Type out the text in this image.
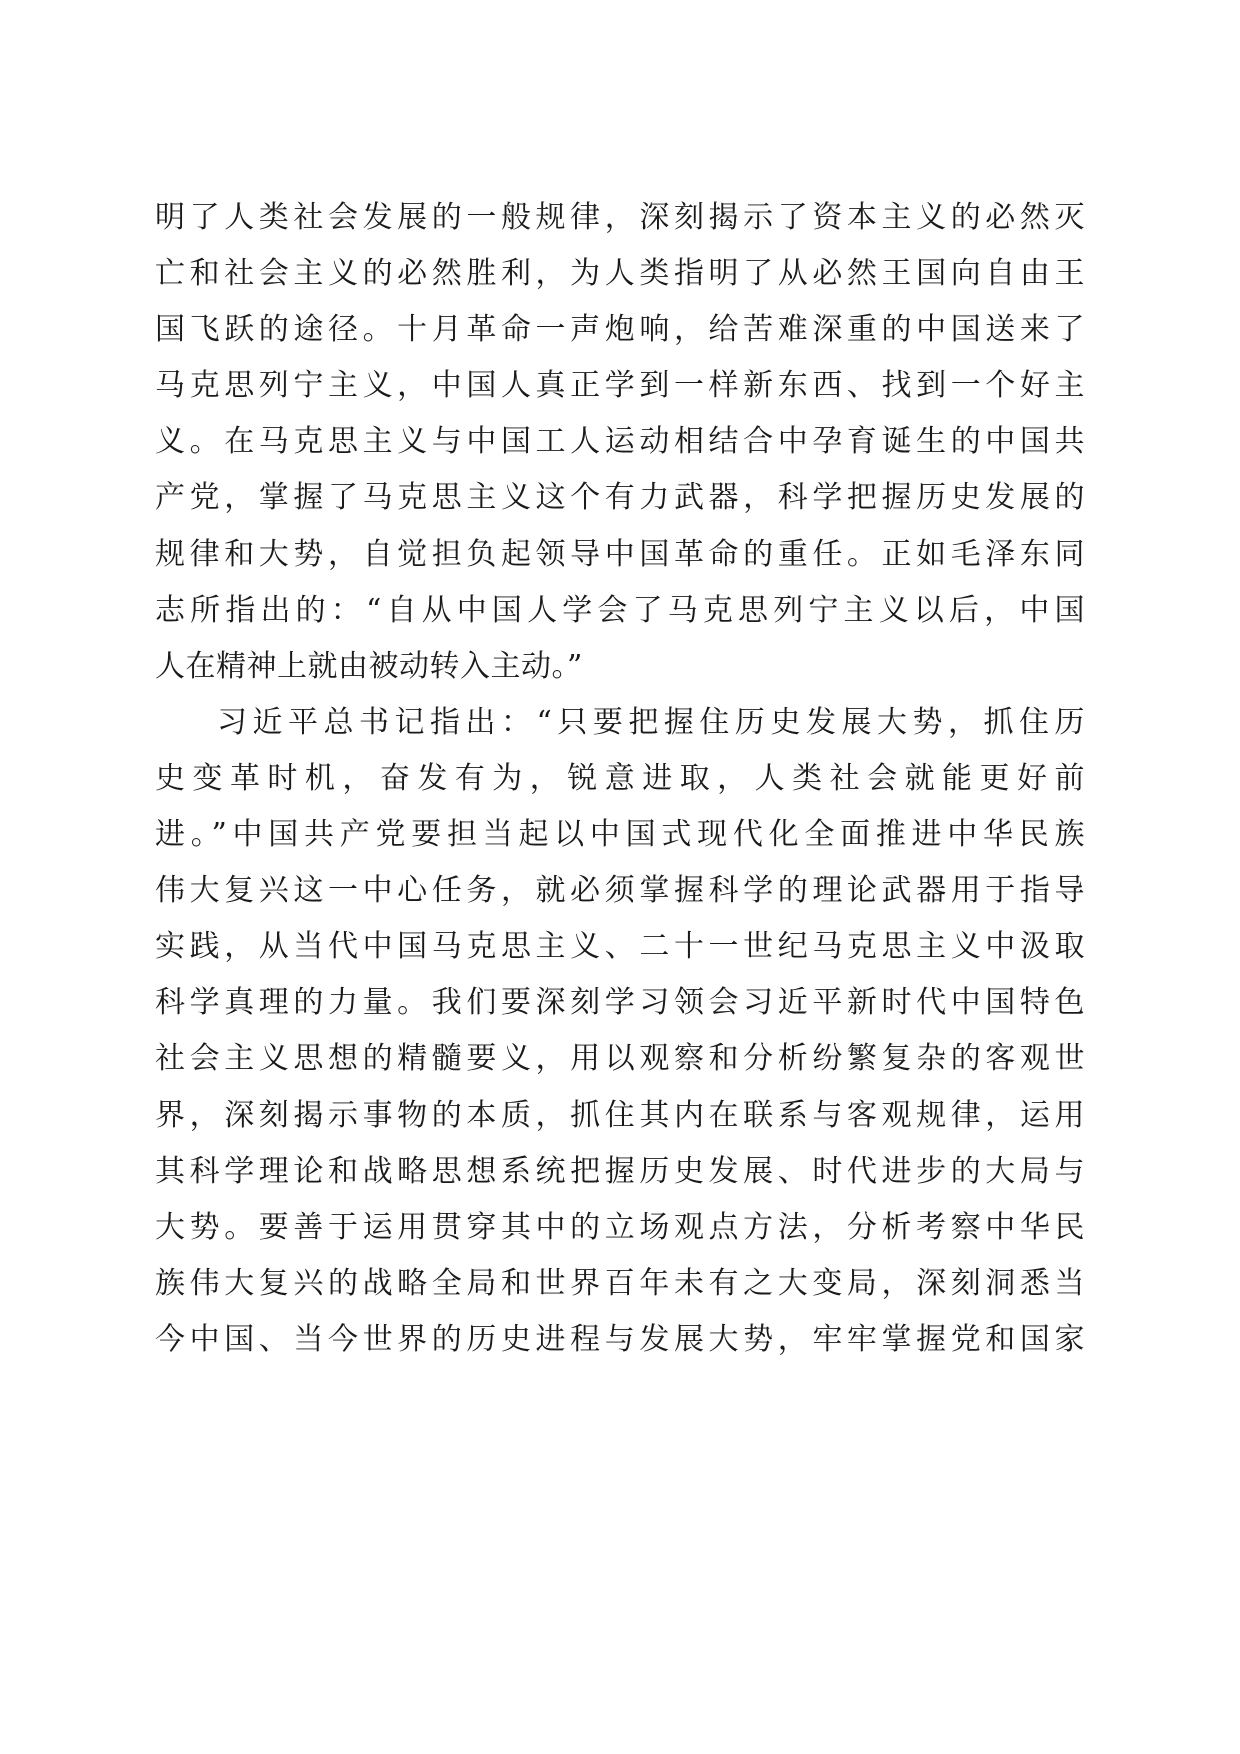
明了人类社会发展的一般规律，深刻揭示了资本主义的必然灭
亡和社会主义的必然胜利，为人类指明了从必然王国向自由王
国飞跃的途径。十月革命一声炮响，给苦难深重的中国送来了
马克思列宁主义，中国人真正学到一样新东西、找到一个好主
义。在马克思主义与中国工人运动相结合中孕育诞生的中国共
产党，掌握了马克思主义这个有力武器，科学把握历史发展的
规律和大势，自觉担负起领导中国革命的重任。正如毛泽东同
志所指出的：“自从中国人学会了马克思列宁主义以后，中国
人在精神上就由被动转入主动。”
习近平总书记指出：“只要把握住历史发展大势，抓住历
史变革时机，奋发有为，锐意进取，人类社会就能更好前
进。”中国共产党要担当起以中国式现代化全面推进中华民族
伟大复兴这一中心任务，就必须掌握科学的理论武器用于指导
实践，从当代中国马克思主义、二十一世纪马克思主义中汲取
科学真理的力量。我们要深刻学习领会习近平新时代中国特色
社会主义思想的精髓要义，用以观察和分析纷繁复杂的客观世
界，深刻揭示事物的本质，抓住其内在联系与客观规律，运用
其科学理论和战略思想系统把握历史发展、时代进步的大局与
大势。要善于运用贯穿其中的立场观点方法，分析考察中华民
族伟大复兴的战略全局和世界百年未有之大变局，深刻洞悉当
今中国、当今世界的历史进程与发展大势，牢牢掌握党和国家
